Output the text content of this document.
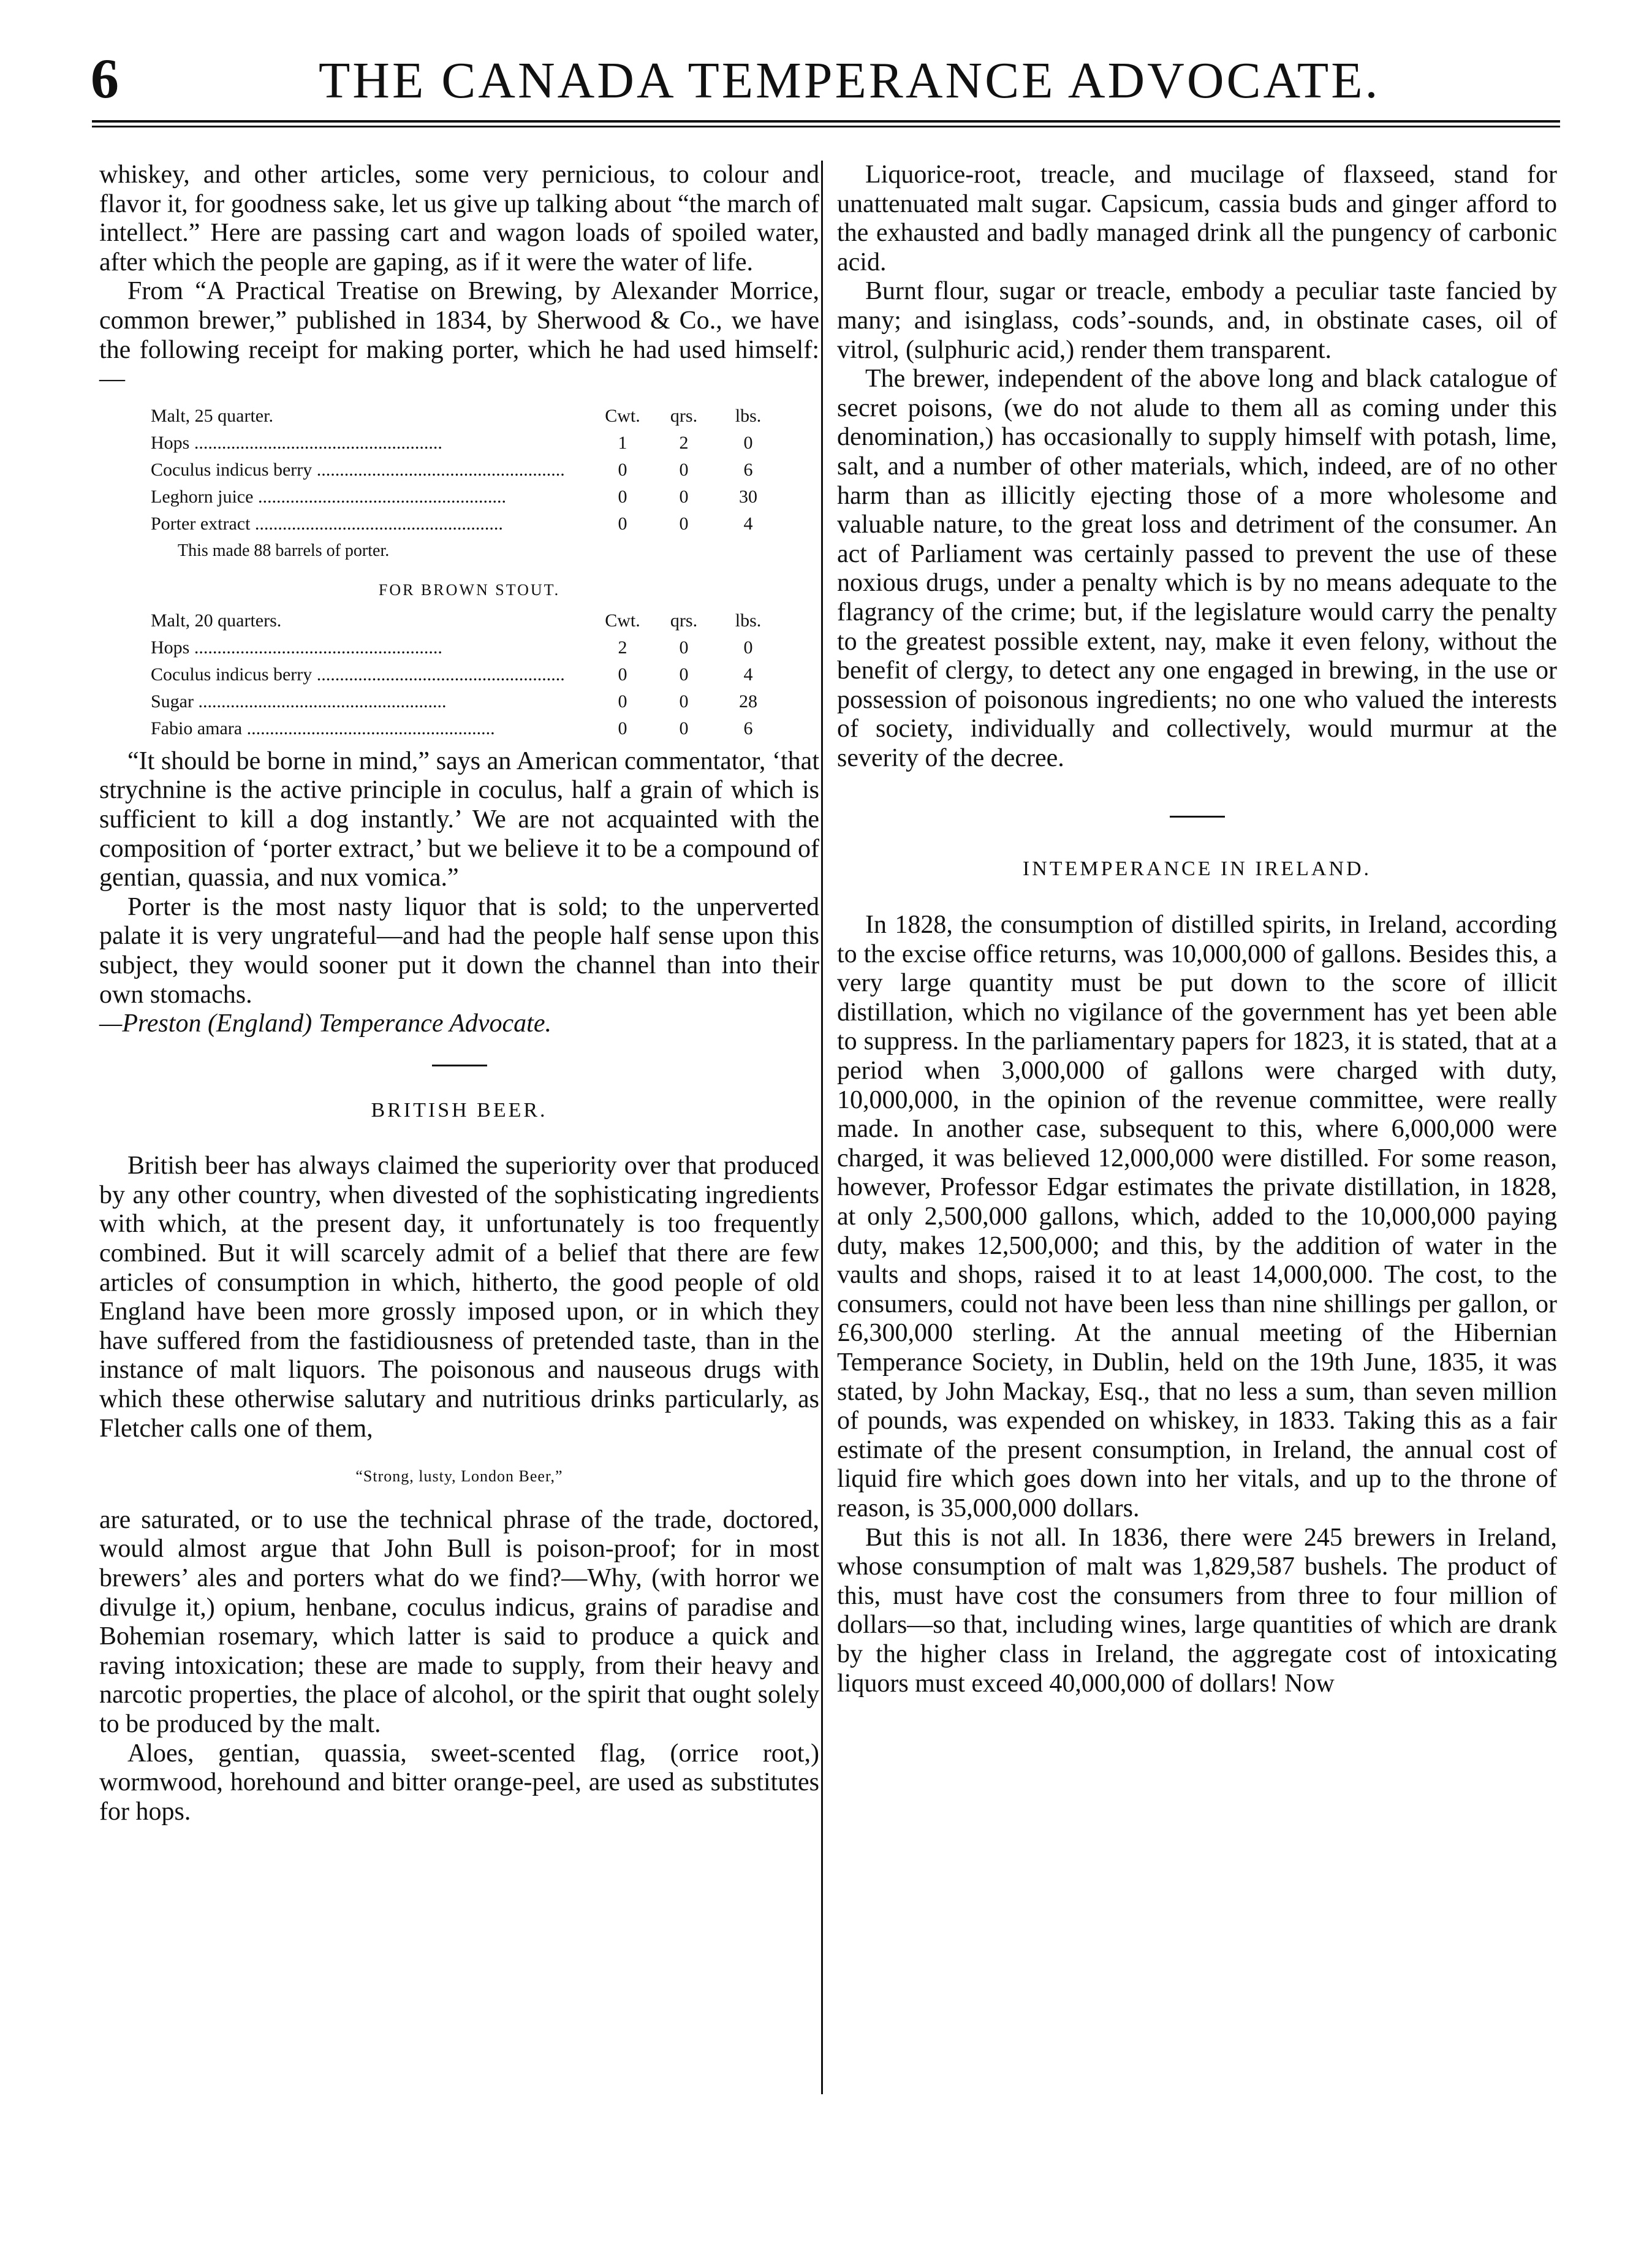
6	THE CANADA TEMPERANCE ADVOCATE.

whiskey, and other articles, some very pernicious, to colour and flavor it, for goodness sake, let us give up talking about “the march of intellect.” Here are passing cart and wagon loads of spoiled water, after which the people are gaping, as if it were the water of life.

From “A Practical Treatise on Brewing, by Alexander Morrice, common brewer,” published in 1834, by Sherwood & Co., we have the following receipt for making porter, which he had used himself:—

Malt, 25 quarter.	Cwt.	qrs.	lbs.
Hops .....	1	2	0
Coculus indicus berry .....	0	0	6
Leghorn juice .....	0	0	30
Porter extract .....	0	0	4
This made 88 barrels of porter.
FOR BROWN STOUT.
Malt, 20 quarters.	Cwt.	qrs.	lbs.
Hops .....	2	0	0
Coculus indicus berry .....	0	0	4
Sugar .....	0	0	28
Fabio amara .....	0	0	6

“It should be borne in mind,” says an American commentator, ‘that strychnine is the active principle in coculus, half a grain of which is sufficient to kill a dog instantly.’ We are not acquainted with the composition of ‘porter extract,’ but we believe it to be a compound of gentian, quassia, and nux vomica.”

Porter is the most nasty liquor that is sold; to the unperverted palate it is very ungrateful—and had the people half sense upon this subject, they would sooner put it down the channel than into their own stomachs.

—Preston (England) Temperance Advocate.

BRITISH BEER.

British beer has always claimed the superiority over that produced by any other country, when divested of the sophisticating ingredients with which, at the present day, it unfortunately is too frequently combined. But it will scarcely admit of a belief that there are few articles of consumption in which, hitherto, the good people of old England have been more grossly imposed upon, or in which they have suffered from the fastidiousness of pretended taste, than in the instance of malt liquors. The poisonous and nauseous drugs with which these otherwise salutary and nutritious drinks particularly, as Fletcher calls one of them,

“Strong, lusty, London Beer,”

are saturated, or to use the technical phrase of the trade, doctored, would almost argue that John Bull is poison-proof; for in most brewers’ ales and porters what do we find?—Why, (with horror we divulge it,) opium, henbane, coculus indicus, grains of paradise and Bohemian rosemary, which latter is said to produce a quick and raving intoxication; these are made to supply, from their heavy and narcotic properties, the place of alcohol, or the spirit that ought solely to be produced by the malt.

Aloes, gentian, quassia, sweet-scented flag, (orrice root,) wormwood, horehound and bitter orange-peel, are used as substitutes for hops.

Liquorice-root, treacle, and mucilage of flaxseed, stand for unattenuated malt sugar. Capsicum, cassia buds and ginger afford to the exhausted and badly managed drink all the pungency of carbonic acid.

Burnt flour, sugar or treacle, embody a peculiar taste fancied by many; and isinglass, cods’-sounds, and, in obstinate cases, oil of vitrol, (sulphuric acid,) render them transparent.

The brewer, independent of the above long and black catalogue of secret poisons, (we do not alude to them all as coming under this denomination,) has occasionally to supply himself with potash, lime, salt, and a number of other materials, which, indeed, are of no other harm than as illicitly ejecting those of a more wholesome and valuable nature, to the great loss and detriment of the consumer. An act of Parliament was certainly passed to prevent the use of these noxious drugs, under a penalty which is by no means adequate to the flagrancy of the crime; but, if the legislature would carry the penalty to the greatest possible extent, nay, make it even felony, without the benefit of clergy, to detect any one engaged in brewing, in the use or possession of poisonous ingredients; no one who valued the interests of society, individually and collectively, would murmur at the severity of the decree.

INTEMPERANCE IN IRELAND.

In 1828, the consumption of distilled spirits, in Ireland, according to the excise office returns, was 10,000,000 of gallons. Besides this, a very large quantity must be put down to the score of illicit distillation, which no vigilance of the government has yet been able to suppress. In the parliamentary papers for 1823, it is stated, that at a period when 3,000,000 of gallons were charged with duty, 10,000,000, in the opinion of the revenue committee, were really made. In another case, subsequent to this, where 6,000,000 were charged, it was believed 12,000,000 were distilled. For some reason, however, Professor Edgar estimates the private distillation, in 1828, at only 2,500,000 gallons, which, added to the 10,000,000 paying duty, makes 12,500,000; and this, by the addition of water in the vaults and shops, raised it to at least 14,000,000. The cost, to the consumers, could not have been less than nine shillings per gallon, or £6,300,000 sterling. At the annual meeting of the Hibernian Temperance Society, in Dublin, held on the 19th June, 1835, it was stated, by John Mackay, Esq., that no less a sum, than seven million of pounds, was expended on whiskey, in 1833. Taking this as a fair estimate of the present consumption, in Ireland, the annual cost of liquid fire which goes down into her vitals, and up to the throne of reason, is 35,000,000 dollars.

But this is not all. In 1836, there were 245 brewers in Ireland, whose consumption of malt was 1,829,587 bushels. The product of this, must have cost the consumers from three to four million of dollars—so that, including wines, large quantities of which are drank by the higher class in Ireland, the aggregate cost of intoxicating liquors must exceed 40,000,000 of dollars! Now
